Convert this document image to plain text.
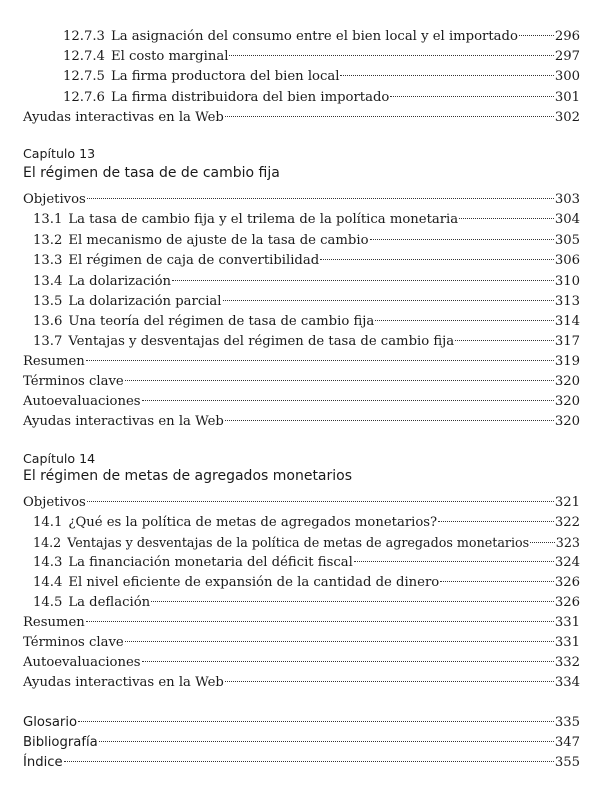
12.7.3 La asignación del consumo entre el bien local y el importado	296
12.7.4 El costo marginal	297
12.7.5 La firma productora del bien local	300
12.7.6 La firma distribuidora del bien importado	301
Ayudas interactivas en la Web	302
Capítulo 13
El régimen de tasa de de cambio fija
Objetivos	303
13.1 La tasa de cambio fija y el trilema de la política monetaria	304
13.2 El mecanismo de ajuste de la tasa de cambio	305
13.3 El régimen de caja de convertibilidad	306
13.4 La dolarización	310
13.5 La dolarización parcial	313
13.6 Una teoría del régimen de tasa de cambio fija	314
13.7 Ventajas y desventajas del régimen de tasa de cambio fija	317
Resumen	319
Términos clave	320
Autoevaluaciones	320
Ayudas interactivas en la Web	320
Capítulo 14
El régimen de metas de agregados monetarios
Objetivos	321
14.1 ¿Qué es la política de metas de agregados monetarios?	322
14.2 Ventajas y desventajas de la política de metas de agregados monetarios 323
14.3 La financiación monetaria del déficit fiscal	324
14.4 El nivel eficiente de expansión de la cantidad de dinero	326
14.5 La deflación	326
Resumen	331
Términos clave	331
Autoevaluaciones	332
Ayudas interactivas en la Web	334
Glosario	335
Bibliografía	347
Índice	355
